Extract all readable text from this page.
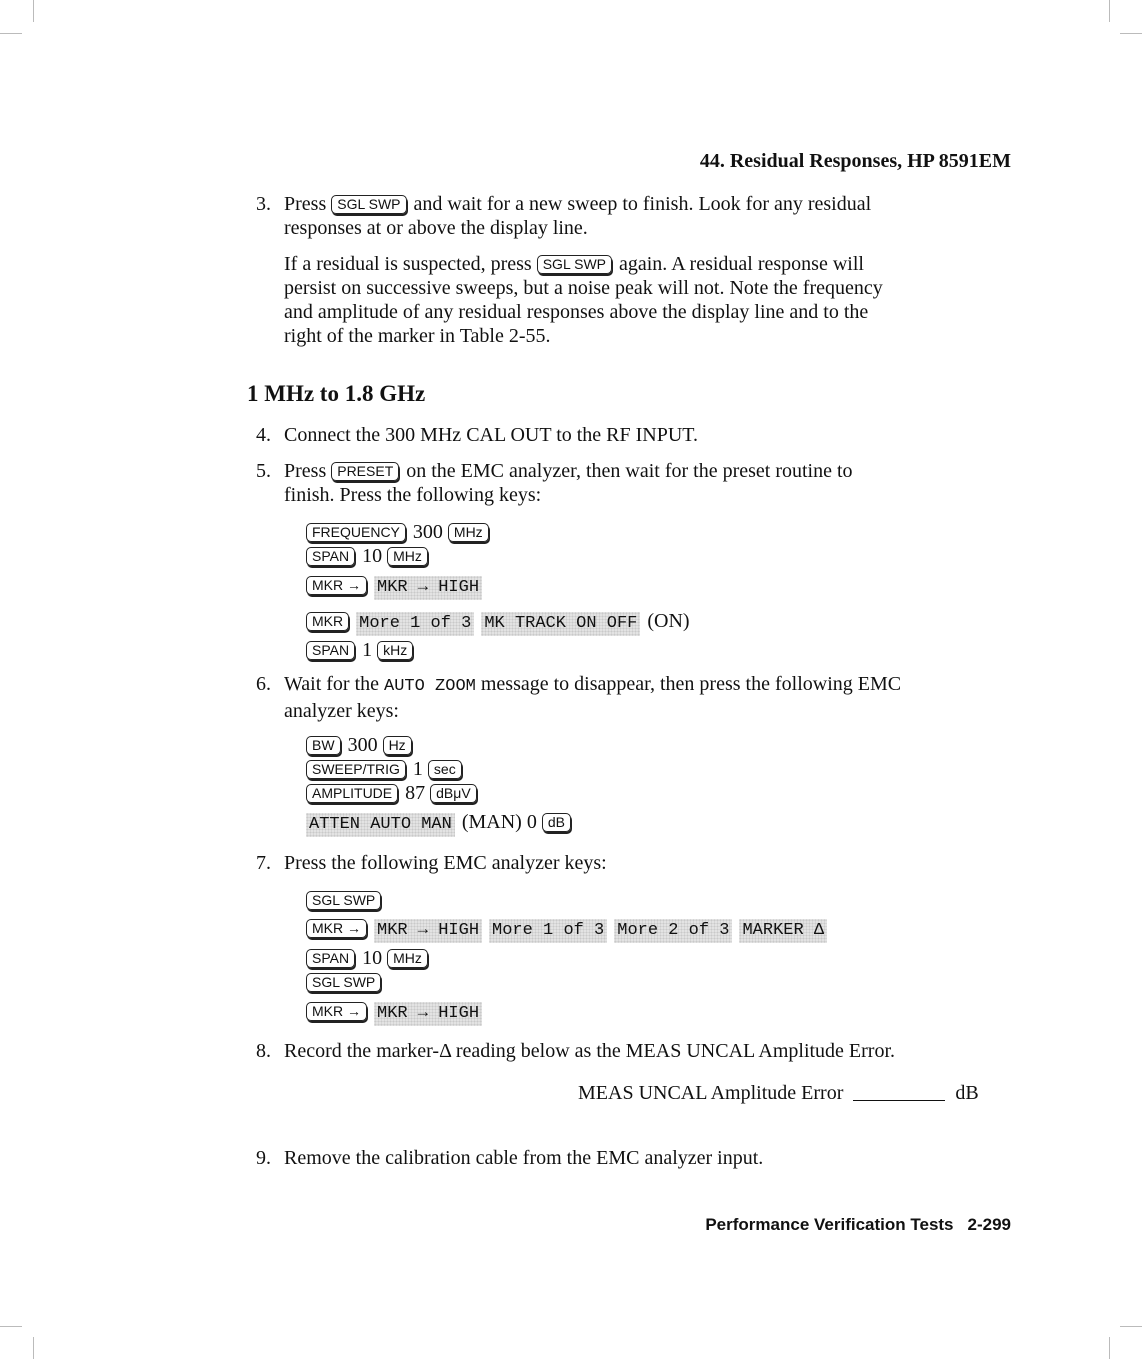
44. Residual Responses, HP 8591EM
3. Press SGL SWP and wait for a new sweep to finish. Look for any residual
responses at or above the display line.
If a residual is suspected, press SGL SWP again. A residual response will
persist on successive sweeps, but a noise peak will not. Note the frequency
and amplitude of any residual responses above the display line and to the
right of the marker in Table 2-55.
1 MHz to 1.8 GHz
4. Connect the 300 MHz CAL OUT to the RF INPUT.
5. Press PRESET on the EMC analyzer, then wait for the preset routine to
finish. Press the following keys:
FREQUENCY 300 MHz
SPAN 10 MHz
MKR → MKR → HIGH
MKR More 1 of 3 MK TRACK ON OFF (ON)
SPAN 1 kHz
6. Wait for the AUTO ZOOM message to disappear, then press the following EMC
analyzer keys:
BW 300 Hz
SWEEP/TRIG 1 sec
AMPLITUDE 87 dBμV
ATTEN AUTO MAN (MAN) 0 dB
7. Press the following EMC analyzer keys:
SGL SWP
MKR → MKR → HIGH More 1 of 3 More 2 of 3 MARKER Δ
SPAN 10 MHz
SGL SWP
MKR → MKR → HIGH
8. Record the marker-Δ reading below as the MEAS UNCAL Amplitude Error.
MEAS UNCAL Amplitude Error	dB
9. Remove the calibration cable from the EMC analyzer input.
Performance Verification Tests 2-299
